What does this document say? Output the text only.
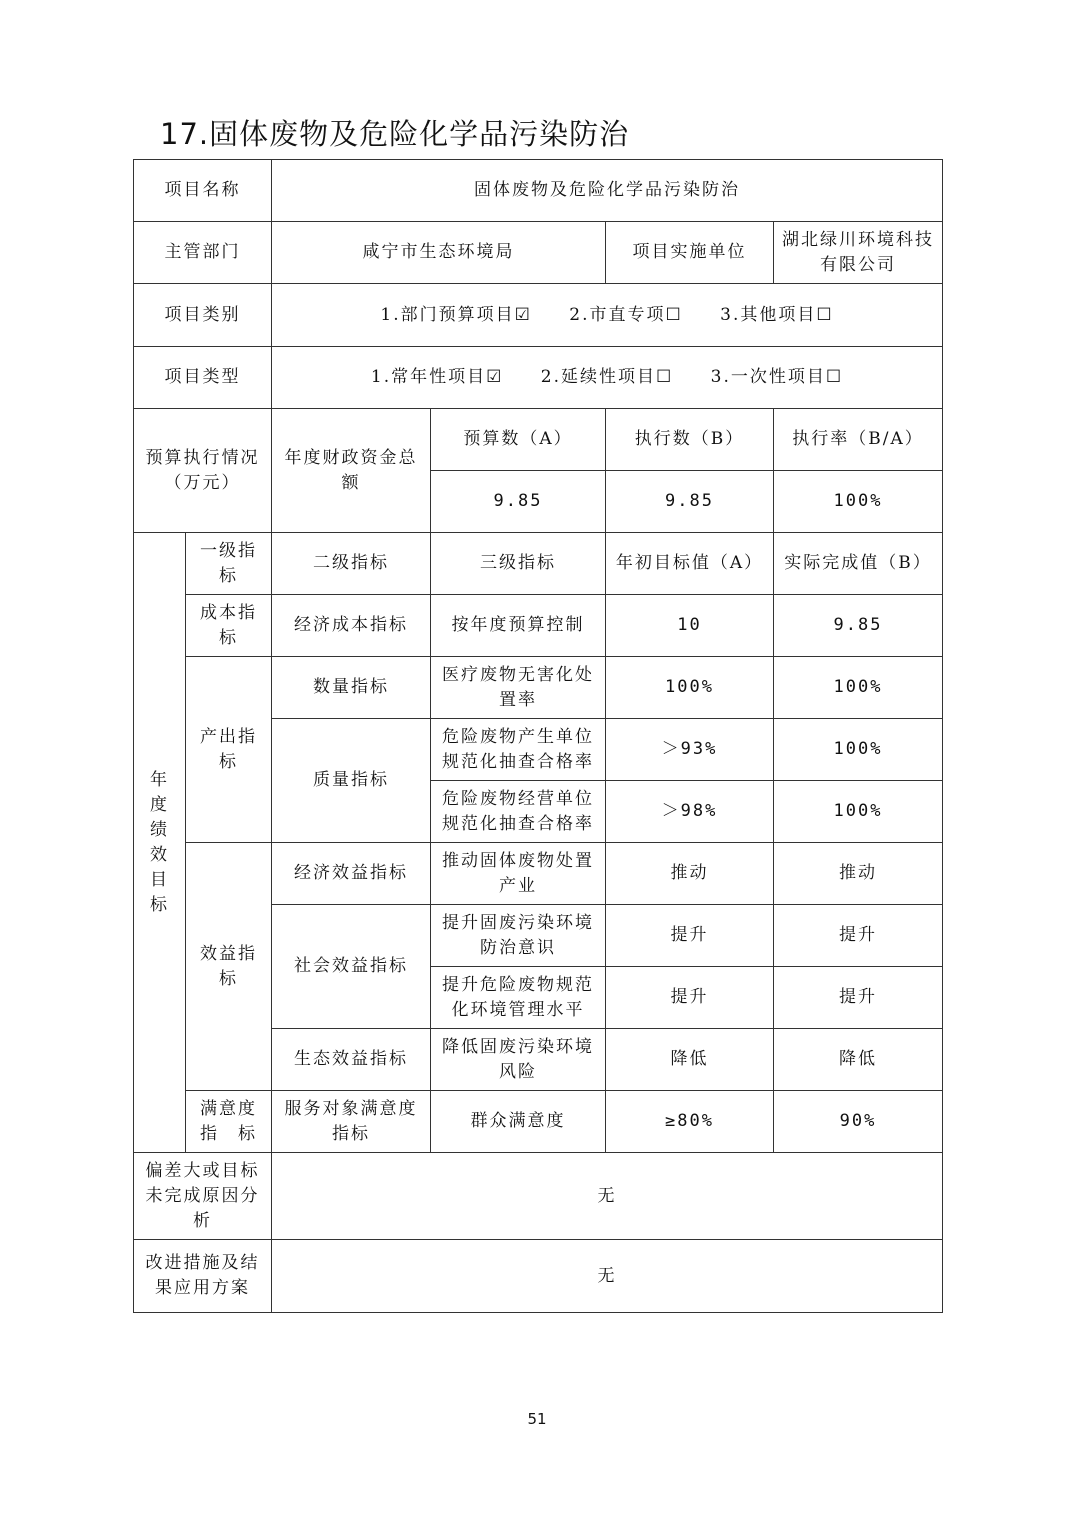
17.固体废物及危险化学品污染防治
项目名称		固体废物及危险化学品污染防治			
主管部门		咸宁市生态环境局		项目实施单位	湖北绿川环境科技有限公司
项目类别		1.部门预算项目☑ 2.市直专项☐ 3.其他项目☐			
项目类型		1.常年性项目☑ 2.延续性项目☐ 3.一次性项目☐			
预算执行情况（万元）		年度财政资金总额	预算数（A）	执行数（B）	执行率（B/A）
			9.85	9.85	100%
年度绩效目标	一级指标	二级指标	三级指标	年初目标值（A）	实际完成值（B）
	成本指标	经济成本指标	按年度预算控制	10	9.85
	产出指标	数量指标	医疗废物无害化处置率	100%	100%
		质量指标	危险废物产生单位规范化抽查合格率	＞93%	100%
			危险废物经营单位规范化抽查合格率	＞98%	100%
	效益指标	经济效益指标	推动固体废物处置产业	推动	推动
		社会效益指标	提升固废污染环境防治意识	提升	提升
			提升危险废物规范化环境管理水平	提升	提升
		生态效益指标	降低固废污染环境风险	降低	降低
	满意度指　标	服务对象满意度指标	群众满意度	≥80%	90%
偏差大或目标未完成原因分析		无			
改进措施及结果应用方案		无			
51
